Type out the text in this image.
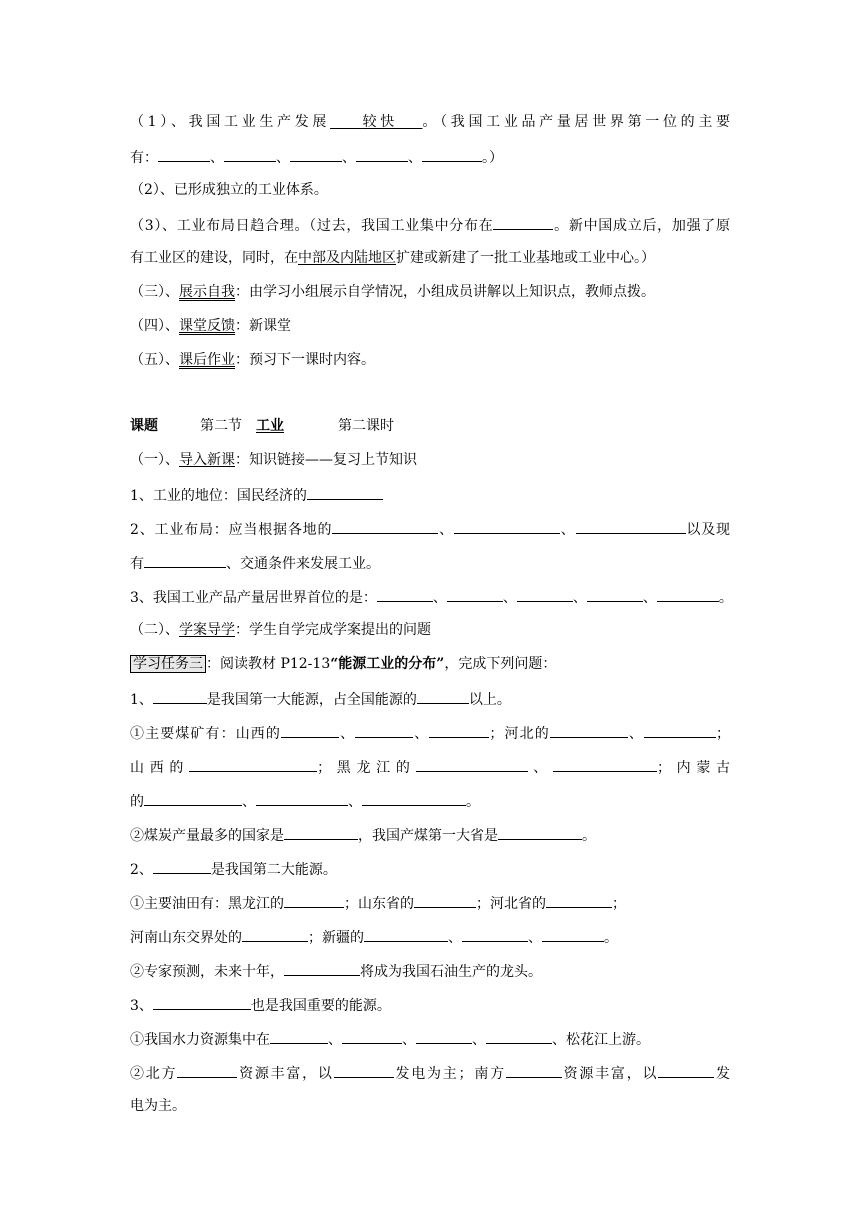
（1）、我国工业生产发展 较快 。（我国工业品产量居世界第一位的主要
有：	、	、	、	、	。）
（2）、已形成独立的工业体系。
（3）、工业布局日趋合理。（过去，我国工业集中分布在	。新中国成立后，加强了原
有工业区的建设，同时，在中部及内陆地区扩建或新建了一批工业基地或工业中心。）
（三）、展示自我：由学习小组展示自学情况，小组成员讲解以上知识点，教师点拨。
（四）、课堂反馈：新课堂
（五）、课后作业：预习下一课时内容。
课题	第二节 工业	第二课时
（一）、导入新课：知识链接——复习上节知识
1、工业的地位：国民经济的
2、工业布局：应当根据各地的	、	、	以及现
有	、交通条件来发展工业。
3、我国工业产品产量居世界首位的是：	、	、	、	、	。
（二）、学案导学：学生自学完成学案提出的问题
学习任务三 ：阅读教材 P12-13“能源工业的分布”，完成下列问题：
1、	是我国第一大能源，占全国能源的	以上。
①主要煤矿有：山西的	、	、	；河北的	、	；
山西的	；黑龙江的	、	；内蒙古
的	、	、	。
②煤炭产量最多的国家是	，我国产煤第一大省是	。
2、	是我国第二大能源。
①主要油田有：黑龙江的	；山东省的	；河北省的	；
河南山东交界处的	；新疆的	、	、	。
②专家预测，未来十年，	将成为我国石油生产的龙头。
3、	也是我国重要的能源。
①我国水力资源集中在	、	、	、	、松花江上游。
②北方	资源丰富，以	发电为主；南方	资源丰富，以	发
电为主。
